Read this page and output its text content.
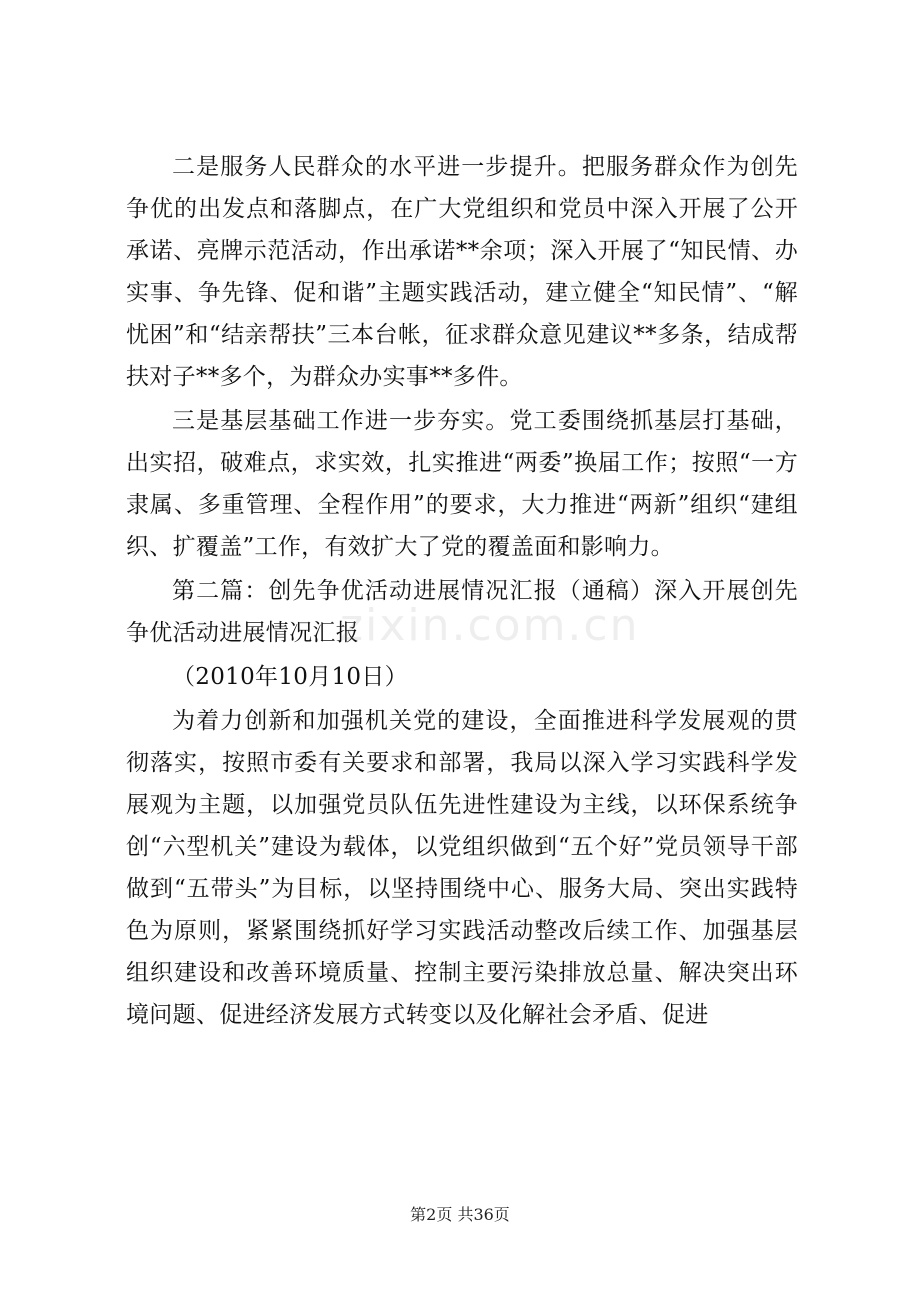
二是服务人民群众的水平进一步提升。把服务群众作为创先争优的出发点和落脚点，在广大党组织和党员中深入开展了公开承诺、亮牌示范活动，作出承诺**余项；深入开展了“知民情、办实事、争先锋、促和谐”主题实践活动，建立健全“知民情”、“解忧困”和“结亲帮扶”三本台帐，征求群众意见建议**多条，结成帮扶对子**多个，为群众办实事**多件。

三是基层基础工作进一步夯实。党工委围绕抓基层打基础，出实招，破难点，求实效，扎实推进“两委”换届工作；按照“一方隶属、多重管理、全程作用”的要求，大力推进“两新”组织“建组织、扩覆盖”工作，有效扩大了党的覆盖面和影响力。

第二篇：创先争优活动进展情况汇报（通稿）深入开展创先争优活动进展情况汇报

（2010年10月10日）

为着力创新和加强机关党的建设，全面推进科学发展观的贯彻落实，按照市委有关要求和部署，我局以深入学习实践科学发展观为主题，以加强党员队伍先进性建设为主线，以环保系统争创“六型机关”建设为载体，以党组织做到“五个好”党员领导干部做到“五带头”为目标，以坚持围绕中心、服务大局、突出实践特色为原则，紧紧围绕抓好学习实践活动整改后续工作、加强基层组织建设和改善环境质量、控制主要污染排放总量、解决突出环境问题、促进经济发展方式转变以及化解社会矛盾、促进

zixin.com.cn
第2页 共36页
